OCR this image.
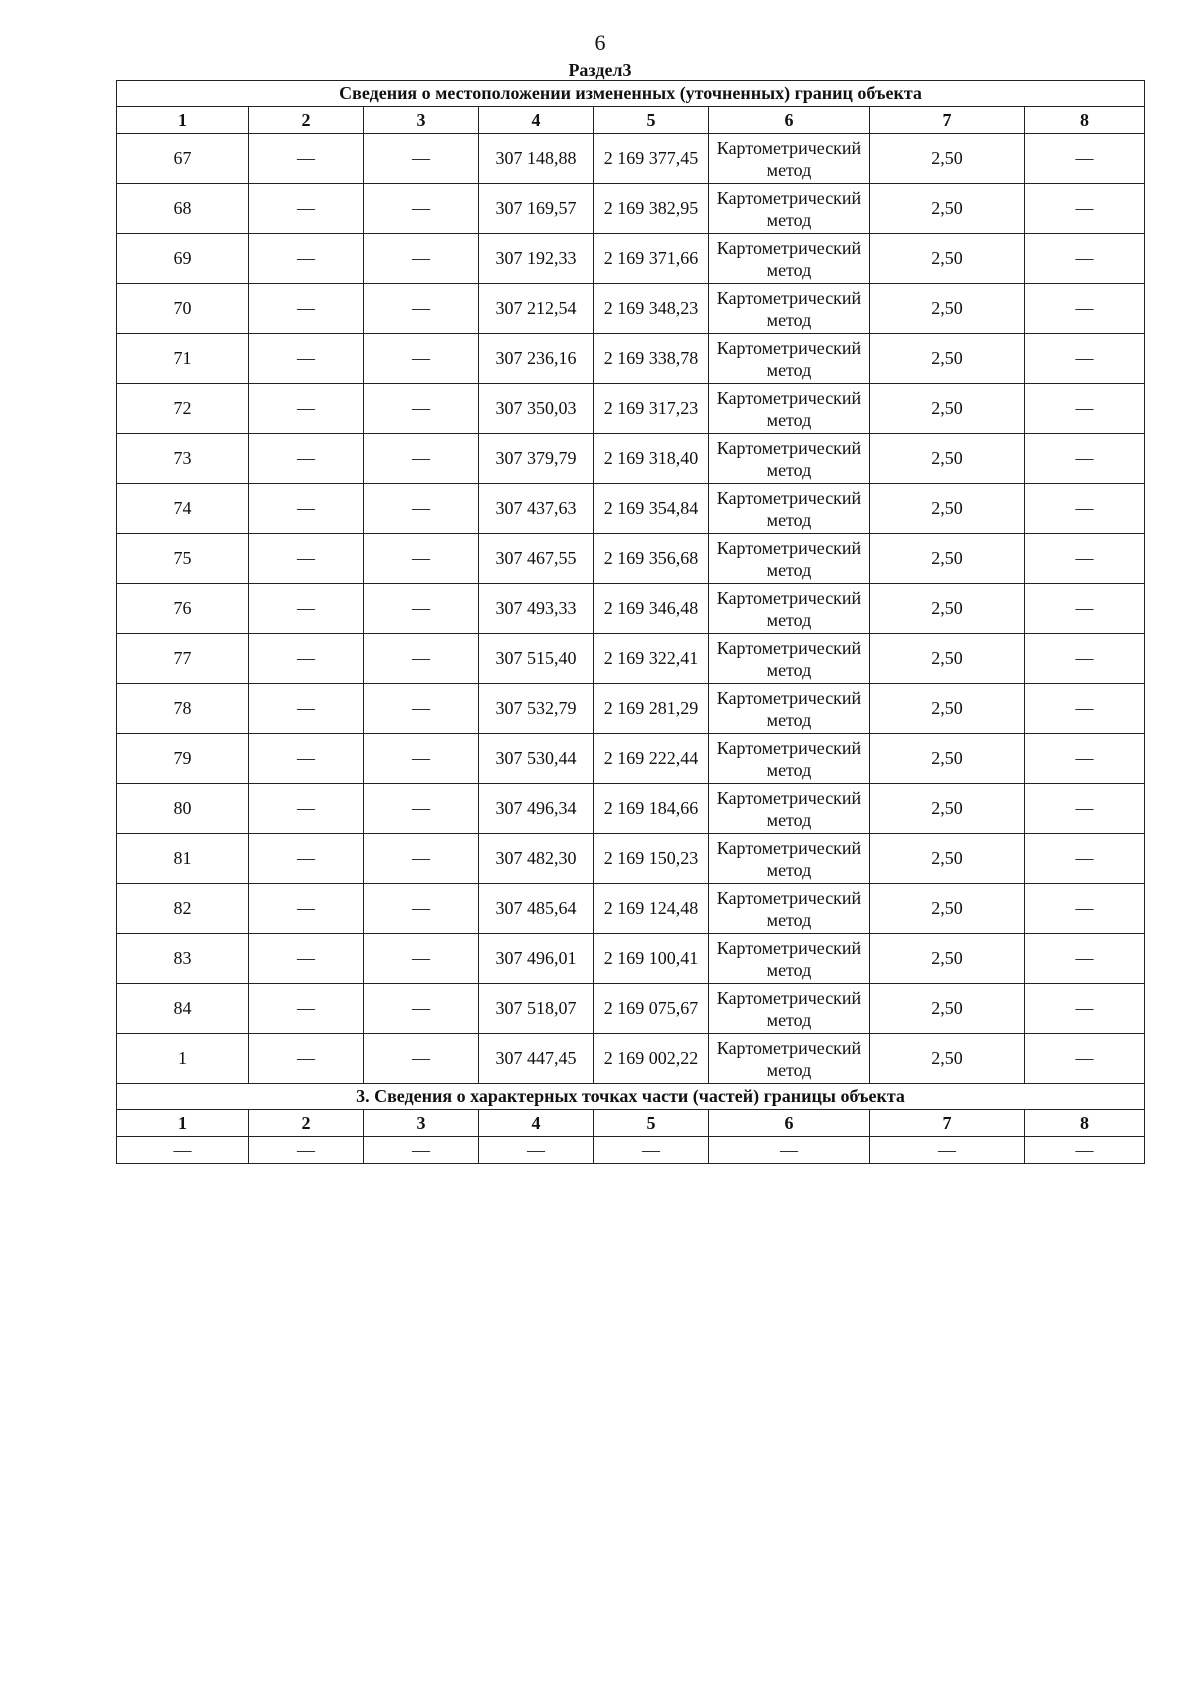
6
Раздел3
Сведения о местоположении измененных (уточненных) границ объекта							
1	2	3	4	5	6	7	8
67	—	—	307 148,88	2 169 377,45	Картометрический метод	2,50	—
68	—	—	307 169,57	2 169 382,95	Картометрический метод	2,50	—
69	—	—	307 192,33	2 169 371,66	Картометрический метод	2,50	—
70	—	—	307 212,54	2 169 348,23	Картометрический метод	2,50	—
71	—	—	307 236,16	2 169 338,78	Картометрический метод	2,50	—
72	—	—	307 350,03	2 169 317,23	Картометрический метод	2,50	—
73	—	—	307 379,79	2 169 318,40	Картометрический метод	2,50	—
74	—	—	307 437,63	2 169 354,84	Картометрический метод	2,50	—
75	—	—	307 467,55	2 169 356,68	Картометрический метод	2,50	—
76	—	—	307 493,33	2 169 346,48	Картометрический метод	2,50	—
77	—	—	307 515,40	2 169 322,41	Картометрический метод	2,50	—
78	—	—	307 532,79	2 169 281,29	Картометрический метод	2,50	—
79	—	—	307 530,44	2 169 222,44	Картометрический метод	2,50	—
80	—	—	307 496,34	2 169 184,66	Картометрический метод	2,50	—
81	—	—	307 482,30	2 169 150,23	Картометрический метод	2,50	—
82	—	—	307 485,64	2 169 124,48	Картометрический метод	2,50	—
83	—	—	307 496,01	2 169 100,41	Картометрический метод	2,50	—
84	—	—	307 518,07	2 169 075,67	Картометрический метод	2,50	—
1	—	—	307 447,45	2 169 002,22	Картометрический метод	2,50	—
3. Сведения о характерных точках части (частей) границы объекта							
1	2	3	4	5	6	7	8
—	—	—	—	—	—	—	—
